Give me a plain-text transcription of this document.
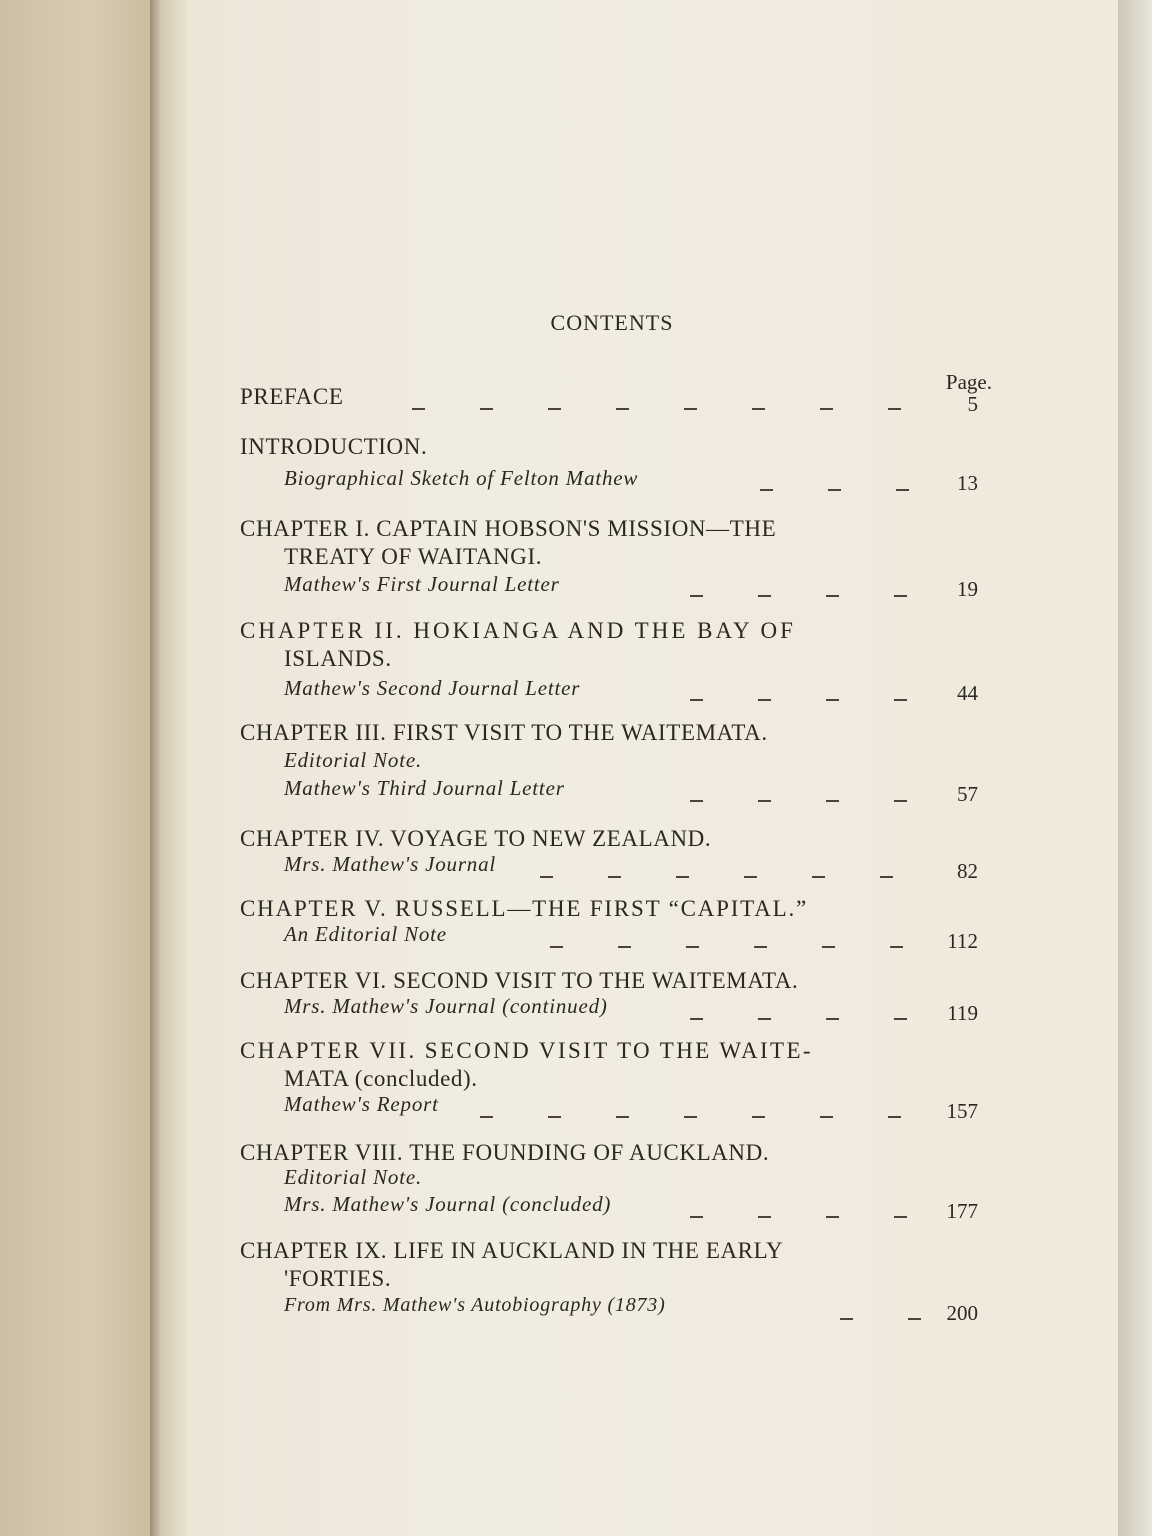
CONTENTS
Page.
PREFACE	5
INTRODUCTION.
Biographical Sketch of Felton Mathew	13
CHAPTER I. CAPTAIN HOBSON'S MISSION—THE
TREATY OF WAITANGI.
Mathew's First Journal Letter	19
CHAPTER II. HOKIANGA AND THE BAY OF
ISLANDS.
Mathew's Second Journal Letter	44
CHAPTER III. FIRST VISIT TO THE WAITEMATA.
Editorial Note.
Mathew's Third Journal Letter	57
CHAPTER IV. VOYAGE TO NEW ZEALAND.
Mrs. Mathew's Journal	82
CHAPTER V. RUSSELL—THE FIRST “CAPITAL.”
An Editorial Note	112
CHAPTER VI. SECOND VISIT TO THE WAITEMATA.
Mrs. Mathew's Journal (continued)	119
CHAPTER VII. SECOND VISIT TO THE WAITE-
MATA (concluded).
Mathew's Report	157
CHAPTER VIII. THE FOUNDING OF AUCKLAND.
Editorial Note.
Mrs. Mathew's Journal (concluded)	177
CHAPTER IX. LIFE IN AUCKLAND IN THE EARLY
'FORTIES.
From Mrs. Mathew's Autobiography (1873)	200
